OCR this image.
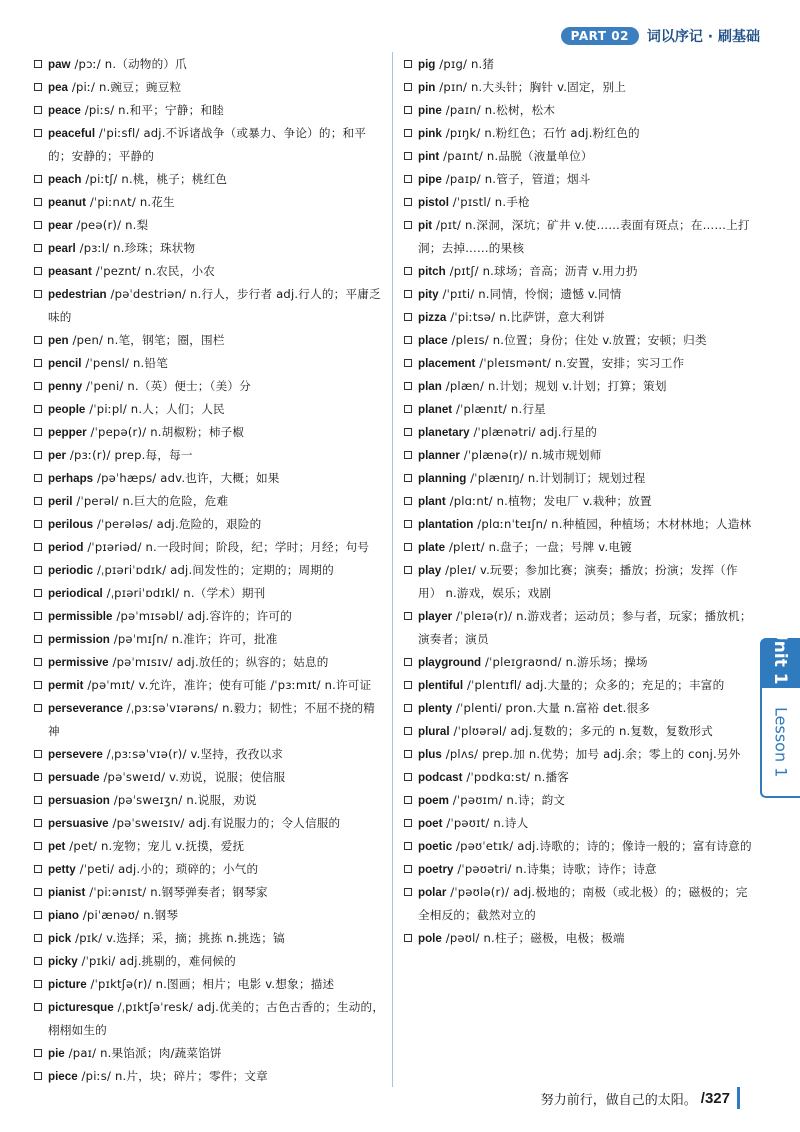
PART 02	词以序记 · 刷基础
paw /pɔː/ n.（动物的）爪
pea /piː/ n.豌豆；豌豆粒
peace /piːs/ n.和平；宁静；和睦
peaceful /ˈpiːsfl/ adj.不诉诸战争（或暴力、争论）的；和平的；安静的；平静的
peach /piːtʃ/ n.桃，桃子；桃红色
peanut /ˈpiːnʌt/ n.花生
pear /peə(r)/ n.梨
pearl /pɜːl/ n.珍珠；珠状物
peasant /ˈpeznt/ n.农民，小农
pedestrian /pəˈdestriən/ n.行人，步行者 adj.行人的；平庸乏味的
pen /pen/ n.笔，钢笔；圈，围栏
pencil /ˈpensl/ n.铅笔
penny /ˈpeni/ n.（英）便士；（美）分
people /ˈpiːpl/ n.人；人们；人民
pepper /ˈpepə(r)/ n.胡椒粉；柿子椒
per /pɜː(r)/ prep.每，每一
perhaps /pəˈhæps/ adv.也许，大概；如果
peril /ˈperəl/ n.巨大的危险，危难
perilous /ˈperələs/ adj.危险的，艰险的
period /ˈpɪəriəd/ n.一段时间；阶段，纪；学时；月经；句号
periodic /ˌpɪəriˈɒdɪk/ adj.间发性的；定期的；周期的
periodical /ˌpɪəriˈɒdɪkl/ n.（学术）期刊
permissible /pəˈmɪsəbl/ adj.容许的；许可的
permission /pəˈmɪʃn/ n.准许；许可，批准
permissive /pəˈmɪsɪv/ adj.放任的；纵容的；姑息的
permit /pəˈmɪt/ v.允许，准许；使有可能 /ˈpɜːmɪt/ n.许可证
perseverance /ˌpɜːsəˈvɪərəns/ n.毅力；韧性；不屈不挠的精神
persevere /ˌpɜːsəˈvɪə(r)/ v.坚持，孜孜以求
persuade /pəˈsweɪd/ v.劝说，说服；使信服
persuasion /pəˈsweɪʒn/ n.说服，劝说
persuasive /pəˈsweɪsɪv/ adj.有说服力的；令人信服的
pet /pet/ n.宠物；宠儿 v.抚摸，爱抚
petty /ˈpeti/ adj.小的；琐碎的；小气的
pianist /ˈpiːənɪst/ n.钢琴弹奏者；钢琴家
piano /piˈænəʊ/ n.钢琴
pick /pɪk/ v.选择；采，摘；挑拣 n.挑选；镐
picky /ˈpɪki/ adj.挑剔的，难伺候的
picture /ˈpɪktʃə(r)/ n.图画；相片；电影 v.想象；描述
picturesque /ˌpɪktʃəˈresk/ adj.优美的；古色古香的；生动的，栩栩如生的
pie /paɪ/ n.果馅派；肉/蔬菜馅饼
piece /piːs/ n.片，块；碎片；零件；文章
pig /pɪg/ n.猪
pin /pɪn/ n.大头针；胸针 v.固定，别上
pine /paɪn/ n.松树，松木
pink /pɪŋk/ n.粉红色；石竹 adj.粉红色的
pint /paɪnt/ n.品脱（液量单位）
pipe /paɪp/ n.管子，管道；烟斗
pistol /ˈpɪstl/ n.手枪
pit /pɪt/ n.深洞，深坑；矿井 v.使……表面有斑点；在……上打洞；去掉……的果核
pitch /pɪtʃ/ n.球场；音高；沥青 v.用力扔
pity /ˈpɪti/ n.同情，怜悯；遗憾 v.同情
pizza /ˈpiːtsə/ n.比萨饼，意大利饼
place /pleɪs/ n.位置；身份；住处 v.放置；安顿；归类
placement /ˈpleɪsmənt/ n.安置，安排；实习工作
plan /plæn/ n.计划；规划 v.计划；打算；策划
planet /ˈplænɪt/ n.行星
planetary /ˈplænətri/ adj.行星的
planner /ˈplænə(r)/ n.城市规划师
planning /ˈplænɪŋ/ n.计划制订；规划过程
plant /plɑːnt/ n.植物；发电厂 v.栽种；放置
plantation /plɑːnˈteɪʃn/ n.种植园，种植场；木材林地；人造林
plate /pleɪt/ n.盘子；一盘；号牌 v.电镀
play /pleɪ/ v.玩要；参加比赛；演奏；播放；扮演；发挥（作用） n.游戏，娱乐；戏剧
player /ˈpleɪə(r)/ n.游戏者；运动员；参与者，玩家；播放机；演奏者；演员
playground /ˈpleɪɡraʊnd/ n.游乐场；操场
plentiful /ˈplentɪfl/ adj.大量的；众多的；充足的；丰富的
plenty /ˈplenti/ pron.大量 n.富裕 det.很多
plural /ˈplʊərəl/ adj.复数的；多元的 n.复数，复数形式
plus /plʌs/ prep.加 n.优势；加号 adj.余；零上的 conj.另外
podcast /ˈpɒdkɑːst/ n.播客
poem /ˈpəʊɪm/ n.诗；韵文
poet /ˈpəʊɪt/ n.诗人
poetic /pəʊˈetɪk/ adj.诗歌的；诗的；像诗一般的；富有诗意的
poetry /ˈpəʊətri/ n.诗集；诗歌；诗作；诗意
polar /ˈpəʊlə(r)/ adj.极地的；南极（或北极）的；磁极的；完全相反的；截然对立的
pole /pəʊl/ n.柱子；磁极，电极；极端
Unit 12
Lesson 1
努力前行，做自己的太阳。 /327
